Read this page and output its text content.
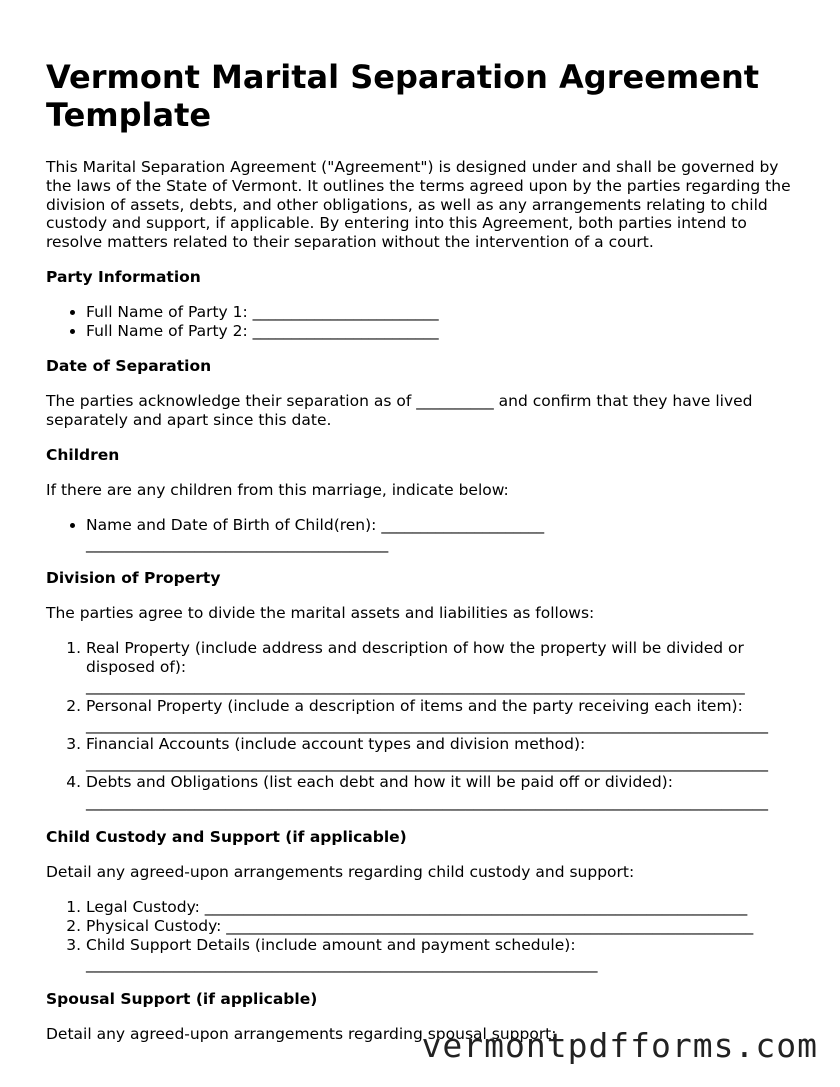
Vermont Marital Separation Agreement Template

This Marital Separation Agreement ("Agreement") is designed under and shall be governed by the laws of the State of Vermont. It outlines the terms agreed upon by the parties regarding the division of assets, debts, and other obligations, as well as any arrangements relating to child custody and support, if applicable. By entering into this Agreement, both parties intend to resolve matters related to their separation without the intervention of a court.

Party Information
• Full Name of Party 1: ________________________
• Full Name of Party 2: ________________________
Date of Separation

The parties acknowledge their separation as of __________ and confirm that they have lived separately and apart since this date.

Children

If there are any children from this marriage, indicate below:

• Name and Date of Birth of Child(ren): ____________________________________________________________
Division of Property

The parties agree to divide the marital assets and liabilities as follows:

1. Real Property (include address and description of how the property will be divided or disposed of): _____________________________________________________________________________________
2. Personal Property (include a description of items and the party receiving each item): ________________________________________________________________________________________
3. Financial Accounts (include account types and division method): ________________________________________________________________________________________
4. Debts and Obligations (list each debt and how it will be paid off or divided): ________________________________________________________________________________________
Child Custody and Support (if applicable)

Detail any agreed-upon arrangements regarding child custody and support:

1. Legal Custody: ______________________________________________________________________
2. Physical Custody: ____________________________________________________________________
3. Child Support Details (include amount and payment schedule): __________________________________________________________________
Spousal Support (if applicable)

Detail any agreed-upon arrangements regarding spousal support:

vermontpdfforms.com
